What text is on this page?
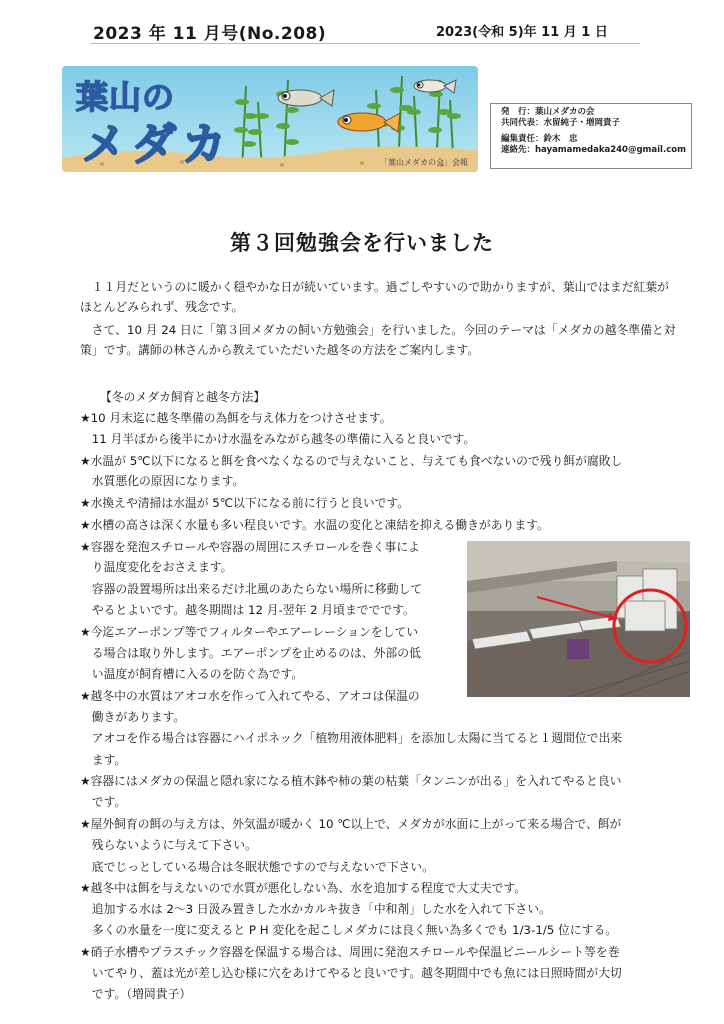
2023 年 11 月号(No.208)	2023(令和 5)年 11 月 1 日
葉山の
メダカ	「葉山メダカの会」会報
発　行：葉山メダカの会
共同代表：水留純子・増岡貴子
編集責任：鈴木　忠
連絡先：hayamamedaka240@gmail.com
第３回勉強会を行いました
　１１月だというのに暖かく穏やかな日が続いています。過ごしやすいので助かりますが、葉山ではまだ紅葉がほとんどみられず、残念です。
　さて、10 月 24 日に「第３回メダカの飼い方勉強会」を行いました。今回のテーマは「メダカの越冬準備と対策」です。講師の林さんから教えていただいた越冬の方法をご案内します。
【冬のメダカ飼育と越冬方法】
★10 月末迄に越冬準備の為餌を与え体力をつけさせます。
　11 月半ばから後半にかけ水温をみながら越冬の準備に入ると良いです。
★水温が 5℃以下になると餌を食べなくなるので与えないこと、与えても食べないので残り餌が腐敗し
　水質悪化の原因になります。
★水換えや清掃は水温が 5℃以下になる前に行うと良いです。
★水槽の高さは深く水量も多い程良いです。水温の変化と凍結を抑える働きがあります。
★容器を発泡スチロールや容器の周囲にスチロールを巻く事によ
　り温度変化をおさえます。
　容器の設置場所は出来るだけ北風のあたらない場所に移動して
　やるとよいです。越冬期間は 12 月-翌年 2 月頃まででです。
★今迄エアーポンプ等でフィルターやエアーレーションをしてい
　る場合は取り外します。エアーポンプを止めるのは、外部の低
　い温度が飼育槽に入るのを防ぐ為です。
★越冬中の水質はアオコ水を作って入れてやる、アオコは保温の
　働きがあります。
　アオコを作る場合は容器にハイポネック「植物用液体肥料」を添加し太陽に当てると１週間位で出来
　ます。
★容器にはメダカの保温と隠れ家になる植木鉢や柿の葉の枯葉「タンニンが出る」を入れてやると良い
　です。
★屋外飼育の餌の与え方は、外気温が暖かく 10 ℃以上で、メダカが水面に上がって来る場合で、餌が
　残らないように与えて下さい。
　底でじっとしている場合は冬眠状態ですので与えないで下さい。
★越冬中は餌を与えないので水質が悪化しない為、水を追加する程度で大丈夫です。
　追加する水は 2～3 日汲み置きした水かカルキ抜き「中和剤」した水を入れて下さい。
　多くの水量を一度に変えると P H 変化を起こしメダカには良く無い為多くでも 1/3-1/5 位にする。
★硝子水槽やプラスチック容器を保温する場合は、周囲に発泡スチロールや保温ビニールシート等を巻
　いてやり、蓋は光が差し込む様に穴をあけてやると良いです。越冬期間中でも魚には日照時間が大切
　です。（増岡貴子）
